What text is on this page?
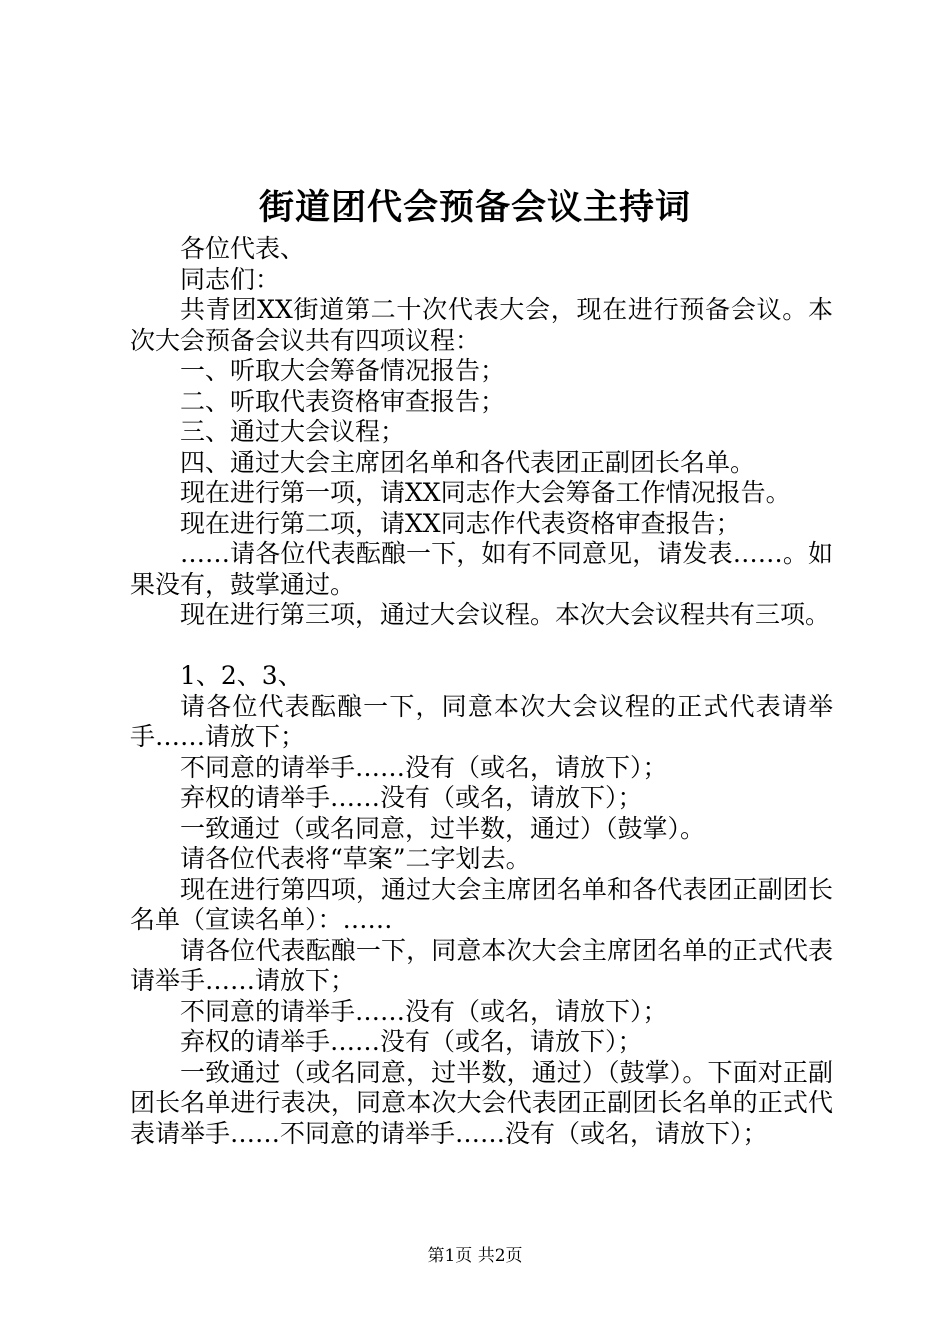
街道团代会预备会议主持词

各位代表、

同志们：

共青团XX街道第二十次代表大会，现在进行预备会议。本次大会预备会议共有四项议程：

一、听取大会筹备情况报告；

二、听取代表资格审查报告；

三、通过大会议程；

四、通过大会主席团名单和各代表团正副团长名单。

现在进行第一项，请XX同志作大会筹备工作情况报告。

现在进行第二项，请XX同志作代表资格审查报告；

……请各位代表酝酿一下，如有不同意见，请发表……。如果没有，鼓掌通过。

现在进行第三项，通过大会议程。本次大会议程共有三项。

1、2、3、

请各位代表酝酿一下，同意本次大会议程的正式代表请举手……请放下；

不同意的请举手……没有（或名，请放下）；

弃权的请举手……没有（或名，请放下）；

一致通过（或名同意，过半数，通过）（鼓掌）。

请各位代表将“草案”二字划去。

现在进行第四项，通过大会主席团名单和各代表团正副团长名单（宣读名单）：……

请各位代表酝酿一下，同意本次大会主席团名单的正式代表请举手……请放下；

不同意的请举手……没有（或名，请放下）；

弃权的请举手……没有（或名，请放下）；

一致通过（或名同意，过半数，通过）（鼓掌）。下面对正副团长名单进行表决，同意本次大会代表团正副团长名单的正式代表请举手……不同意的请举手……没有（或名，请放下）；

第1页 共2页
